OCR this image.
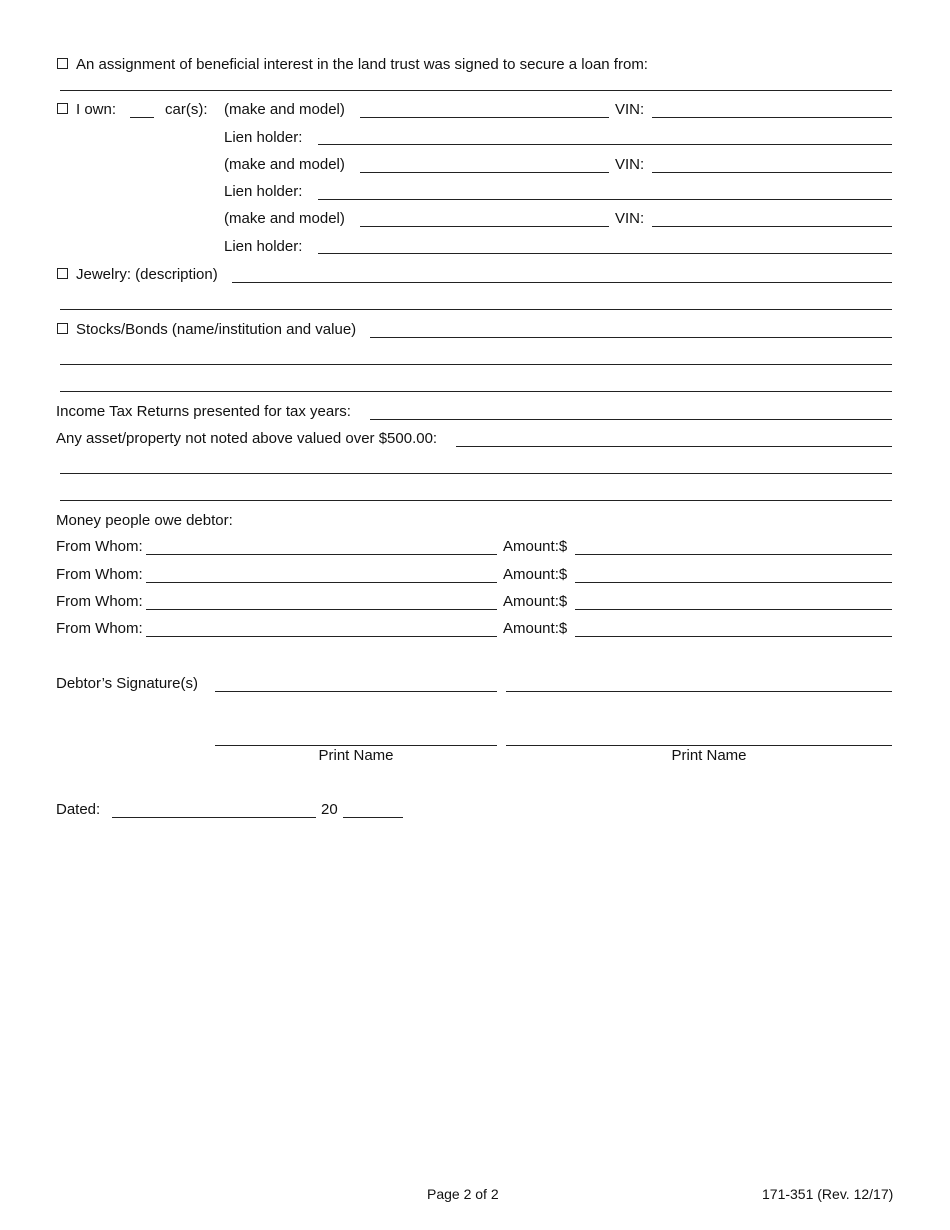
An assignment of beneficial interest in the land trust was signed to secure a loan from:
I own:	car(s): (make and model)	VIN:
Lien holder:
(make and model)	VIN:
Lien holder:
(make and model)	VIN:
Lien holder:
Jewelry: (description)
Stocks/Bonds (name/institution and value)
Income Tax Returns presented for tax years:
Any asset/property not noted above valued over $500.00:
Money people owe debtor:
From Whom:	Amount:$
From Whom:	Amount:$
From Whom:	Amount:$
From Whom:	Amount:$
Debtor’s Signature(s)
Print Name	Print Name
Dated:	20
Page 2 of 2	171-351 (Rev. 12/17)
